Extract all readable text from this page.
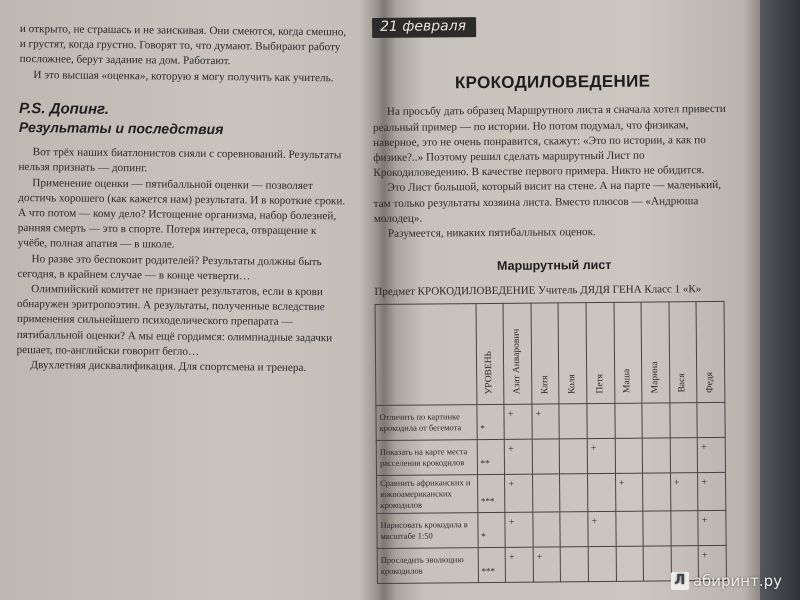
и открыто, не страшась и не заискивая. Они смеются, когда смешно, и грустят, когда грустно. Говорят то, что думают. Выбирают работу посложнее, берут задание на дом. Работают.

И это высшая «оценка», которую я могу получить как учитель.

P.S. Допинг.
Результаты и последствия

Вот трёх наших биатлонистов сняли с соревнований. Результаты нельзя признать — допинг.

Применение оценки — пятибалльной оценки — позволяет достичь хорошего (как кажется нам) результата. И в короткие сроки. А что потом — кому дело? Истощение организма, набор болезней, ранняя смерть — это в спорте. Потеря интереса, отвращение к учёбе, полная апатия — в школе.

Но разве это беспокоит родителей? Результаты должны быть сегодня, в крайнем случае — в конце четверти…

Олимпийский комитет не признает результатов, если в крови обнаружен эритропоэтин. А результаты, полученные вследствие применения сильнейшего психоделического препарата — пятибалльной оценки? А мы ещё гордимся: олимпиадные задачки решает, по-английски говорит бегло…

Двухлетняя дисквалификация. Для спортсмена и тренера.

21 февраля
КРОКОДИЛОВЕДЕНИЕ

На просьбу дать образец Маршрутного листа я сначала хотел привести реальный пример — по истории. Но потом подумал, что физикам, наверное, это не очень понравится, скажут: «Это по истории, а как по физике?..» Поэтому решил сделать маршрутный Лист по Крокодиловедению. В качестве первого примера. Никто не обидится.

Это Лист большой, который висит на стене. А на парте — маленький, там только результаты хозяина листа. Вместо плюсов — «Андрюша молодец».

Разумеется, никаких пятибалльных оценок.

Маршрутный лист
Предмет КРОКОДИЛОВЕДЕНИЕ Учитель ДЯДЯ ГЕНА Класс 1 «К»
	УРОВЕНЬ	Азат Анварович	Катя	Коля	Петя	Маша	Марина	Вася	Федя
Отличить по картинке крокодила от бегемота	*	+	+						
Показать на карте места расселения крокодилов	**	+			+				+
Сравнить африканских и южноамериканских крокодилов	***	+				+		+	+
Нарисовать крокодила в масштабе 1:50	*	+			+				+
Проследить эволюцию крокодилов	***	+	+						+
Л абиринт.ру
